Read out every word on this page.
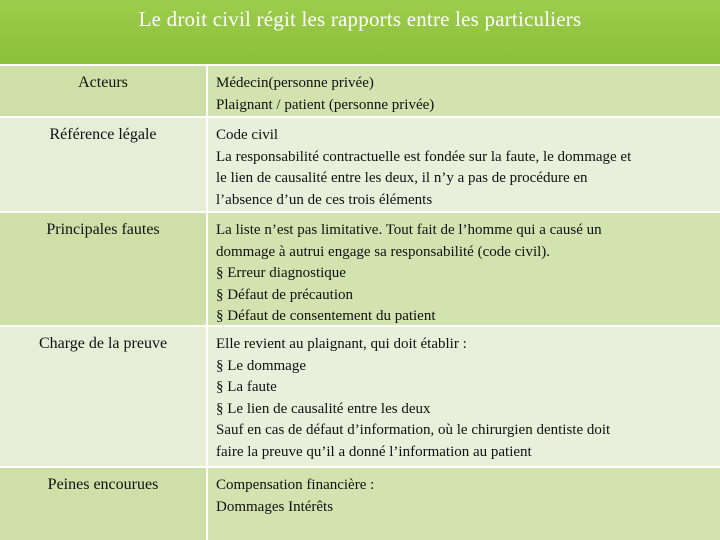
Le droit civil régit les rapports entre les particuliers
Acteurs	Médecin(personne privée)
Plaignant / patient (personne privée)
Référence légale	Code civil
La responsabilité contractuelle est fondée sur la faute, le dommage et
le lien de causalité entre les deux, il n’y a pas de procédure en
l’absence d’un de ces trois éléments
Principales fautes	La liste n’est pas limitative. Tout fait de l’homme qui a causé un
dommage à autrui engage sa responsabilité (code civil).
§ Erreur diagnostique
§ Défaut de précaution
§ Défaut de consentement du patient
Charge de la preuve	Elle revient au plaignant, qui doit établir :
§ Le dommage
§ La faute
§ Le lien de causalité entre les deux
Sauf en cas de défaut d’information, où le chirurgien dentiste doit
faire la preuve qu’il a donné l’information au patient
Peines encourues	Compensation financière :
Dommages Intérêts
